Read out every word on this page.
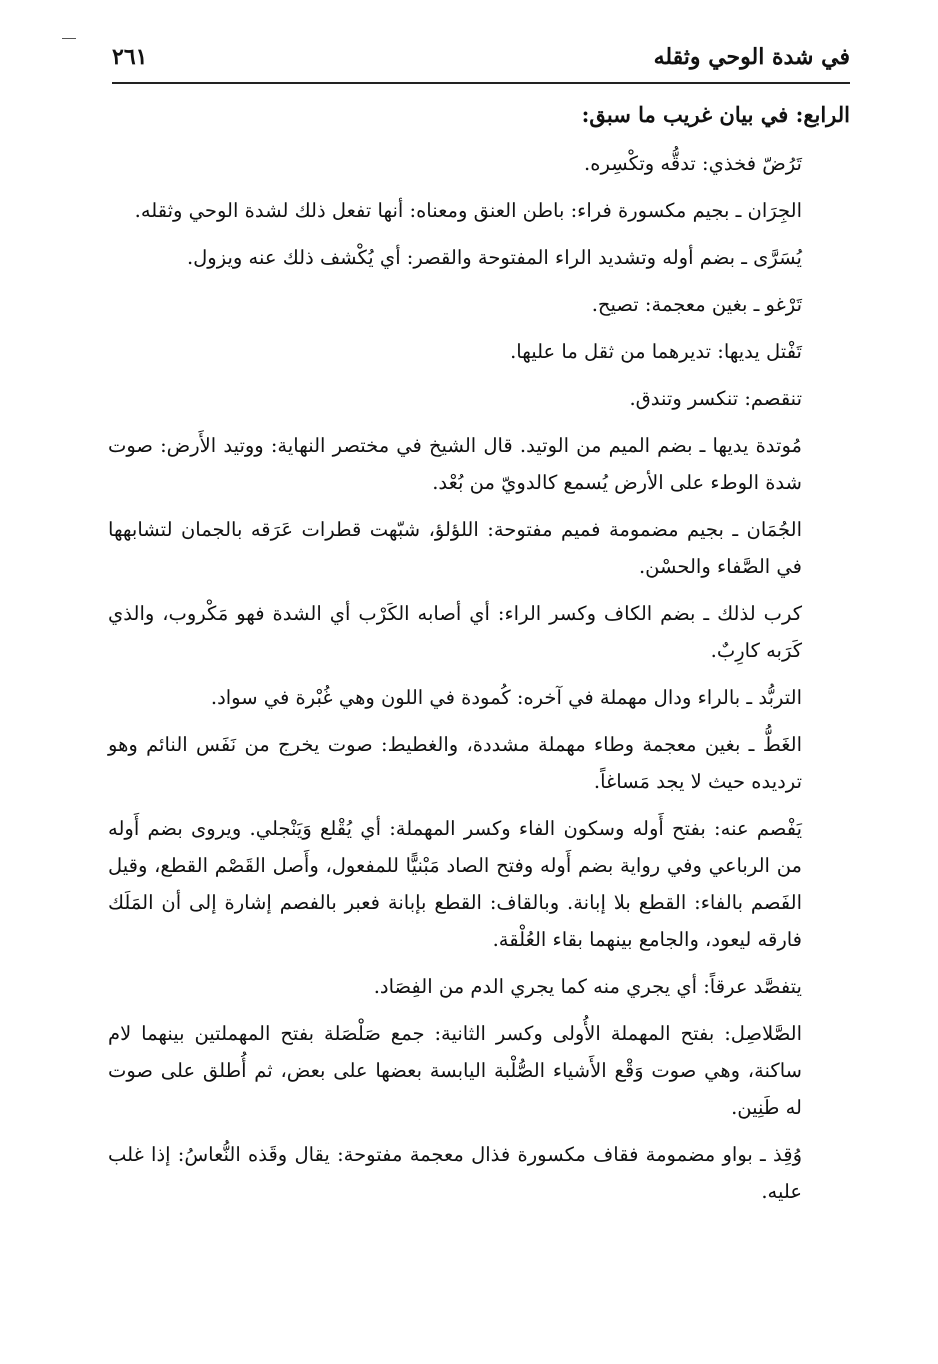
في شدة الوحي وثقله
٢٦١
الرابع: في بيان غريب ما سبق:

تَرُضّ فخذي: تدقُّه وتكْسِره.

الجِرَان ـ بجيم مكسورة فراء: باطن العنق ومعناه: أنها تفعل ذلك لشدة الوحي وثقله.

يُسَرَّى ـ بضم أوله وتشديد الراء المفتوحة والقصر: أي يُكْشف ذلك عنه ويزول.

تَرْغو ـ بغين معجمة: تصيح.

تَفْتل يديها: تديرهما من ثقل ما عليها.

تنقصم: تنكسر وتندق.

مُوتدة يديها ـ بضم الميم من الوتيد. قال الشيخ في مختصر النهاية: ووتيد الأَرض: صوت شدة الوطء على الأرض يُسمع كالدويّ من بُعْد.

الجُمَان ـ بجيم مضمومة فميم مفتوحة: اللؤلؤ، شبّهت قطرات عَرَقه بالجمان لتشابهها في الصَّفاء والحسْن.

كرب لذلك ـ بضم الكاف وكسر الراء: أي أصابه الكَرْب أي الشدة فهو مَكْروب، والذي كَرَبه كارِبٌ.

التربُّد ـ بالراء ودال مهملة في آخره: كُمودة في اللون وهي غُبْرة في سواد.

الغَطُّ ـ بغين معجمة وطاء مهملة مشددة، والغطيط: صوت يخرج من نَفَس النائم وهو ترديده حيث لا يجد مَساغاً.

يَفْصم عنه: بفتح أَوله وسكون الفاء وكسر المهملة: أي يُقْلع وَيَنْجلي. ويروى بضم أَوله من الرباعي وفي رواية بضم أَوله وفتح الصاد مَبْنيًّا للمفعول، وأَصل القَصْم القطع، وقيل الفَصم بالفاء: القطع بلا إبانة. وبالقاف: القطع بإبانة فعبر بالفصم إشارة إلى أن المَلَك فارقه ليعود، والجامع بينهما بقاء العُلْقة.

يتفصَّد عرقاً: أي يجري منه كما يجري الدم من الفِصَاد.

الصَّلاصِل: بفتح المهملة الأُولى وكسر الثانية: جمع صَلْصَلة بفتح المهملتين بينهما لام ساكنة، وهي صوت وَقْع الأَشياء الصُّلْبة اليابسة بعضها على بعض، ثم أُطلق على صوت له طَنِين.

وُقِذ ـ بواو مضمومة فقاف مكسورة فذال معجمة مفتوحة: يقال وقَذه النُّعاسُ: إذا غلب عليه.
